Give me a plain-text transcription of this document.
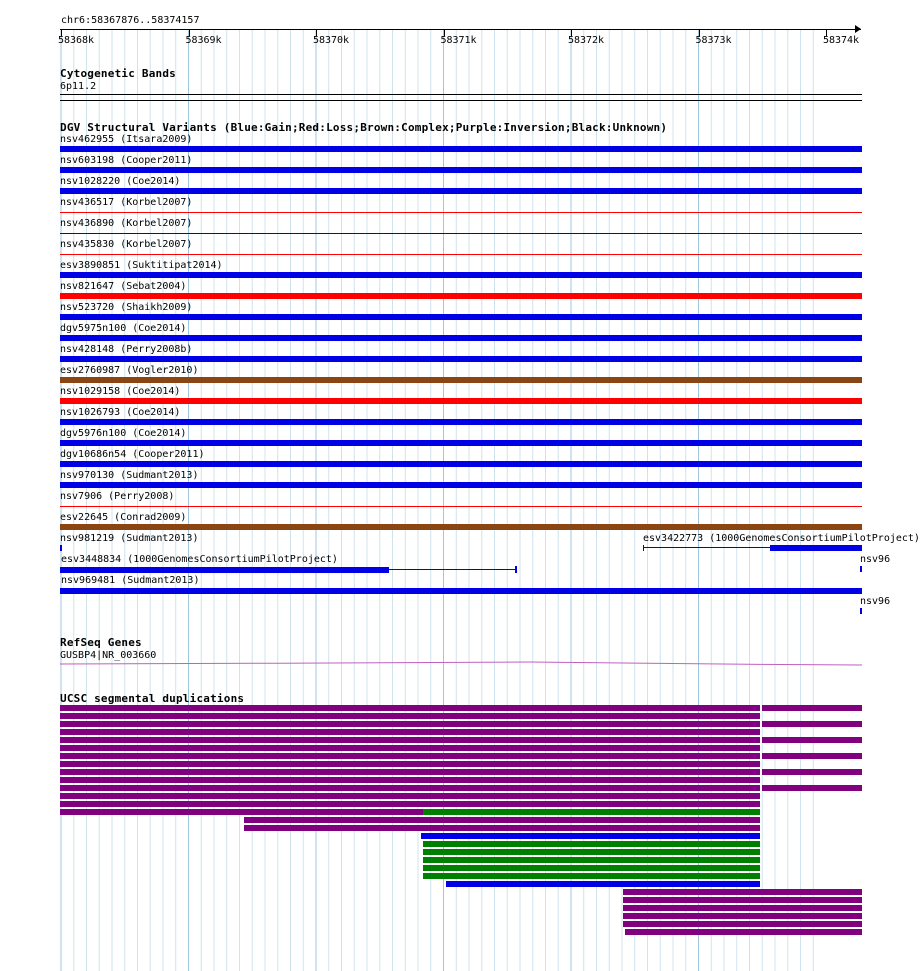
chr6:58367876..58374157
58368k	58369k	58370k	58371k	58372k	58373k	58374k
Cytogenetic Bands
6p11.2
DGV Structural Variants (Blue:Gain;Red:Loss;Brown:Complex;Purple:Inversion;Black:Unknown)
nsv462955 (Itsara2009)
nsv603198 (Cooper2011)
nsv1028220 (Coe2014)
nsv436517 (Korbel2007)
nsv436890 (Korbel2007)
nsv435830 (Korbel2007)
esv3890851 (Suktitipat2014)
nsv821647 (Sebat2004)
nsv523720 (Shaikh2009)
dgv5975n100 (Coe2014)
nsv428148 (Perry2008b)
esv2760987 (Vogler2010)
nsv1029158 (Coe2014)
nsv1026793 (Coe2014)
dgv5976n100 (Coe2014)
dgv10686n54 (Cooper2011)
nsv970130 (Sudmant2013)
nsv7906 (Perry2008)
esv22645 (Conrad2009)
nsv981219 (Sudmant2013)	esv3422773 (1000GenomesConsortiumPilotProject)
esv3448834 (1000GenomesConsortiumPilotProject)	nsv96
nsv969481 (Sudmant2013)
nsv96
RefSeq Genes
GUSBP4|NR_003660
UCSC segmental duplications
